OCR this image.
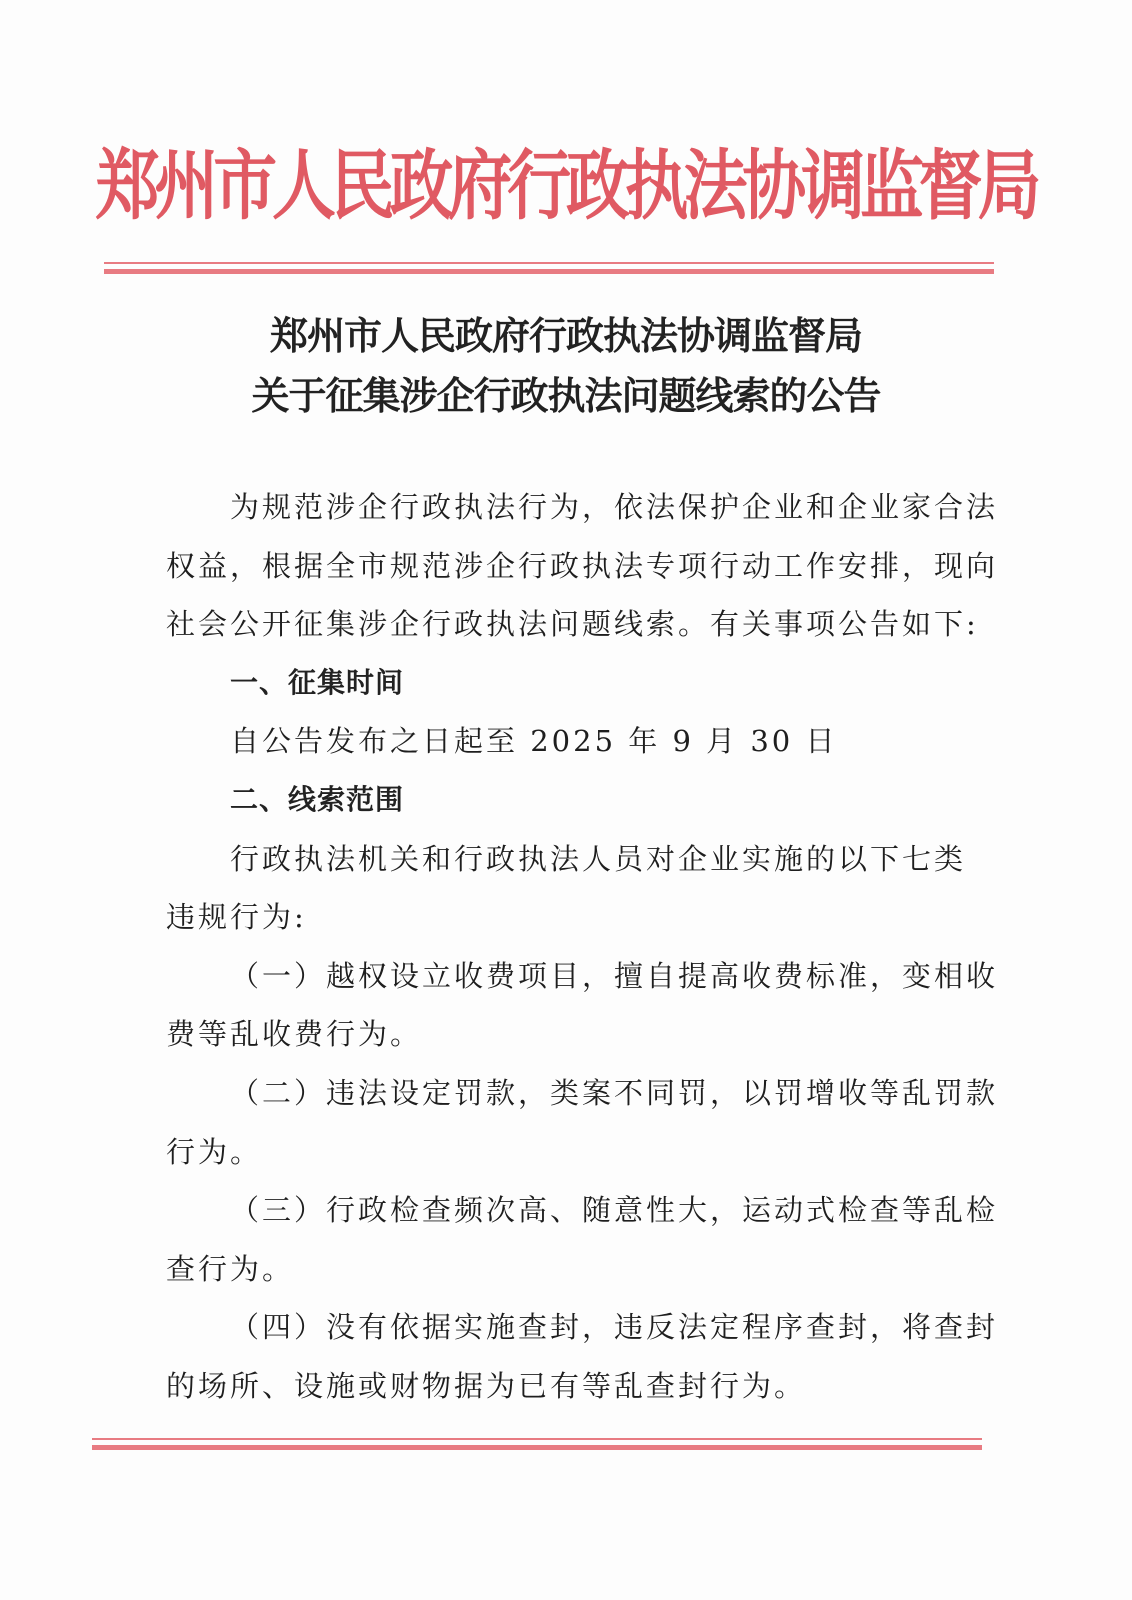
郑州市人民政府行政执法协调监督局
郑州市人民政府行政执法协调监督局
关于征集涉企行政执法问题线索的公告
为规范涉企行政执法行为，依法保护企业和企业家合法
权益，根据全市规范涉企行政执法专项行动工作安排，现向
社会公开征集涉企行政执法问题线索。有关事项公告如下:
一、征集时间
自公告发布之日起至 2025 年 9 月 30 日
二、线索范围
行政执法机关和行政执法人员对企业实施的以下七类
违规行为:
（一）越权设立收费项目，擅自提高收费标准，变相收
费等乱收费行为。
（二）违法设定罚款，类案不同罚，以罚增收等乱罚款
行为。
（三）行政检查频次高、随意性大，运动式检查等乱检
查行为。
（四）没有依据实施查封，违反法定程序查封，将查封
的场所、设施或财物据为已有等乱查封行为。
